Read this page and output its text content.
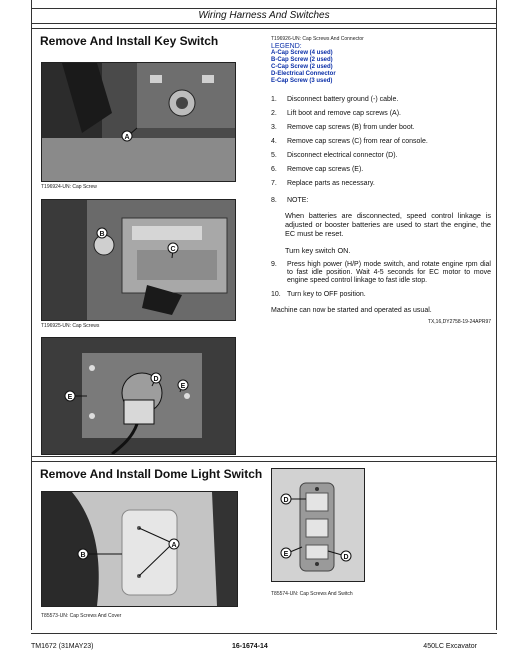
Wiring Harness And Switches
Remove And Install Key Switch
A
T196924-UN: Cap Screw
B
C
T196925-UN: Cap Screws
D
E
E
T196926-UN: Cap Screws And Connector
LEGEND:
A-Cap Screw (4 used)
B-Cap Screw (2 used)
C-Cap Screw (2 used)
D-Electrical Connector
E-Cap Screw (3 used)
1. Disconnect battery ground (-) cable.
2. Lift boot and remove cap screws (A).
3. Remove cap screws (B) from under boot.
4. Remove cap screws (C) from rear of console.
5. Disconnect electrical connector (D).
6. Remove cap screws (E).
7. Replace parts as necessary.
8. NOTE:
When batteries are disconnected, speed control linkage is adjusted or booster batteries are used to start the engine, the EC must be reset.
Turn key switch ON.
9. Press high power (H/P) mode switch, and rotate engine rpm dial to fast idle position. Wait 4-5 seconds for EC motor to move engine speed control linkage to fast idle stop.
10. Turn key to OFF position.
Machine can now be started and operated as usual.
TX,16,DY2758-19-24APR97
Remove And Install Dome Light Switch
A
B
T85573-UN: Cap Screws And Cover
D
E	D
T85574-UN: Cap Screws And Switch
TM1672 (31MAY23)	16-1674-14	450LC Excavator
